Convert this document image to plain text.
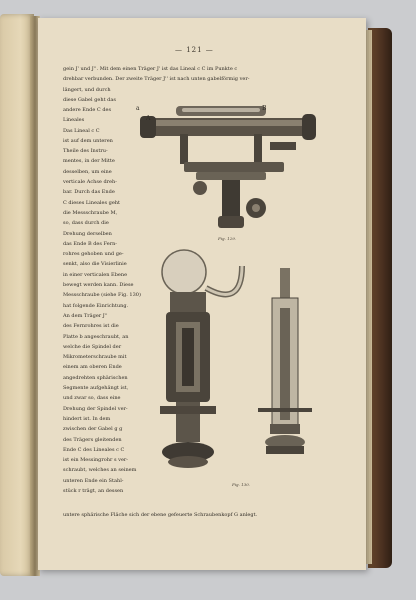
— 121 —
gein J' und J''. Mit dem einen Träger J' ist das Lineal c C im Punkte c
drehbar verbunden. Der zweite Träger J'' ist nach unten gabelförmig ver-
längert, und durch
diese Gabel geht das
andere Ende C des
Lineales
Das Lineal c C
ist auf dem unteren
Theile des Instru-
mentes, in der Mitte
desselben, um eine
verticale Achse dreh-
bar. Durch das Ende
C dieses Lineales geht
die Messschraube M,
so, dass durch die
Drehung derselben
das Ende B des Fern-
rohres gehoben und ge-
senkt, also die Visierlinie
in einer verticalen Ebene
bewegt werden kann. Diese
Messschraube (siehe Fig. 130)
hat folgende Einrichtung.
An dem Träger J''
des Fernrohres ist die
Platte b angeschraubt, an
welche die Spindel der
Mikrometerschraube mit
einem am oberen Ende
angedrehten sphärischen
Segmente aufgehängt ist,
und zwar so, dass eine
Drehung der Spindel ver-
hindert ist. In dem
zwischen der Gabel g g
des Trägers gleitenden
Ende C des Lineales c C
ist ein Messingrohr s ver-
schraubt, welches an seinem
unteren Ende ein Stahl-
stück r trägt, an dessen
untere sphärische Fläche sich der ebene gefeuerte Schraubenkopf G anlegt.
a	B
A
Fig. 129.
Fig. 130.
